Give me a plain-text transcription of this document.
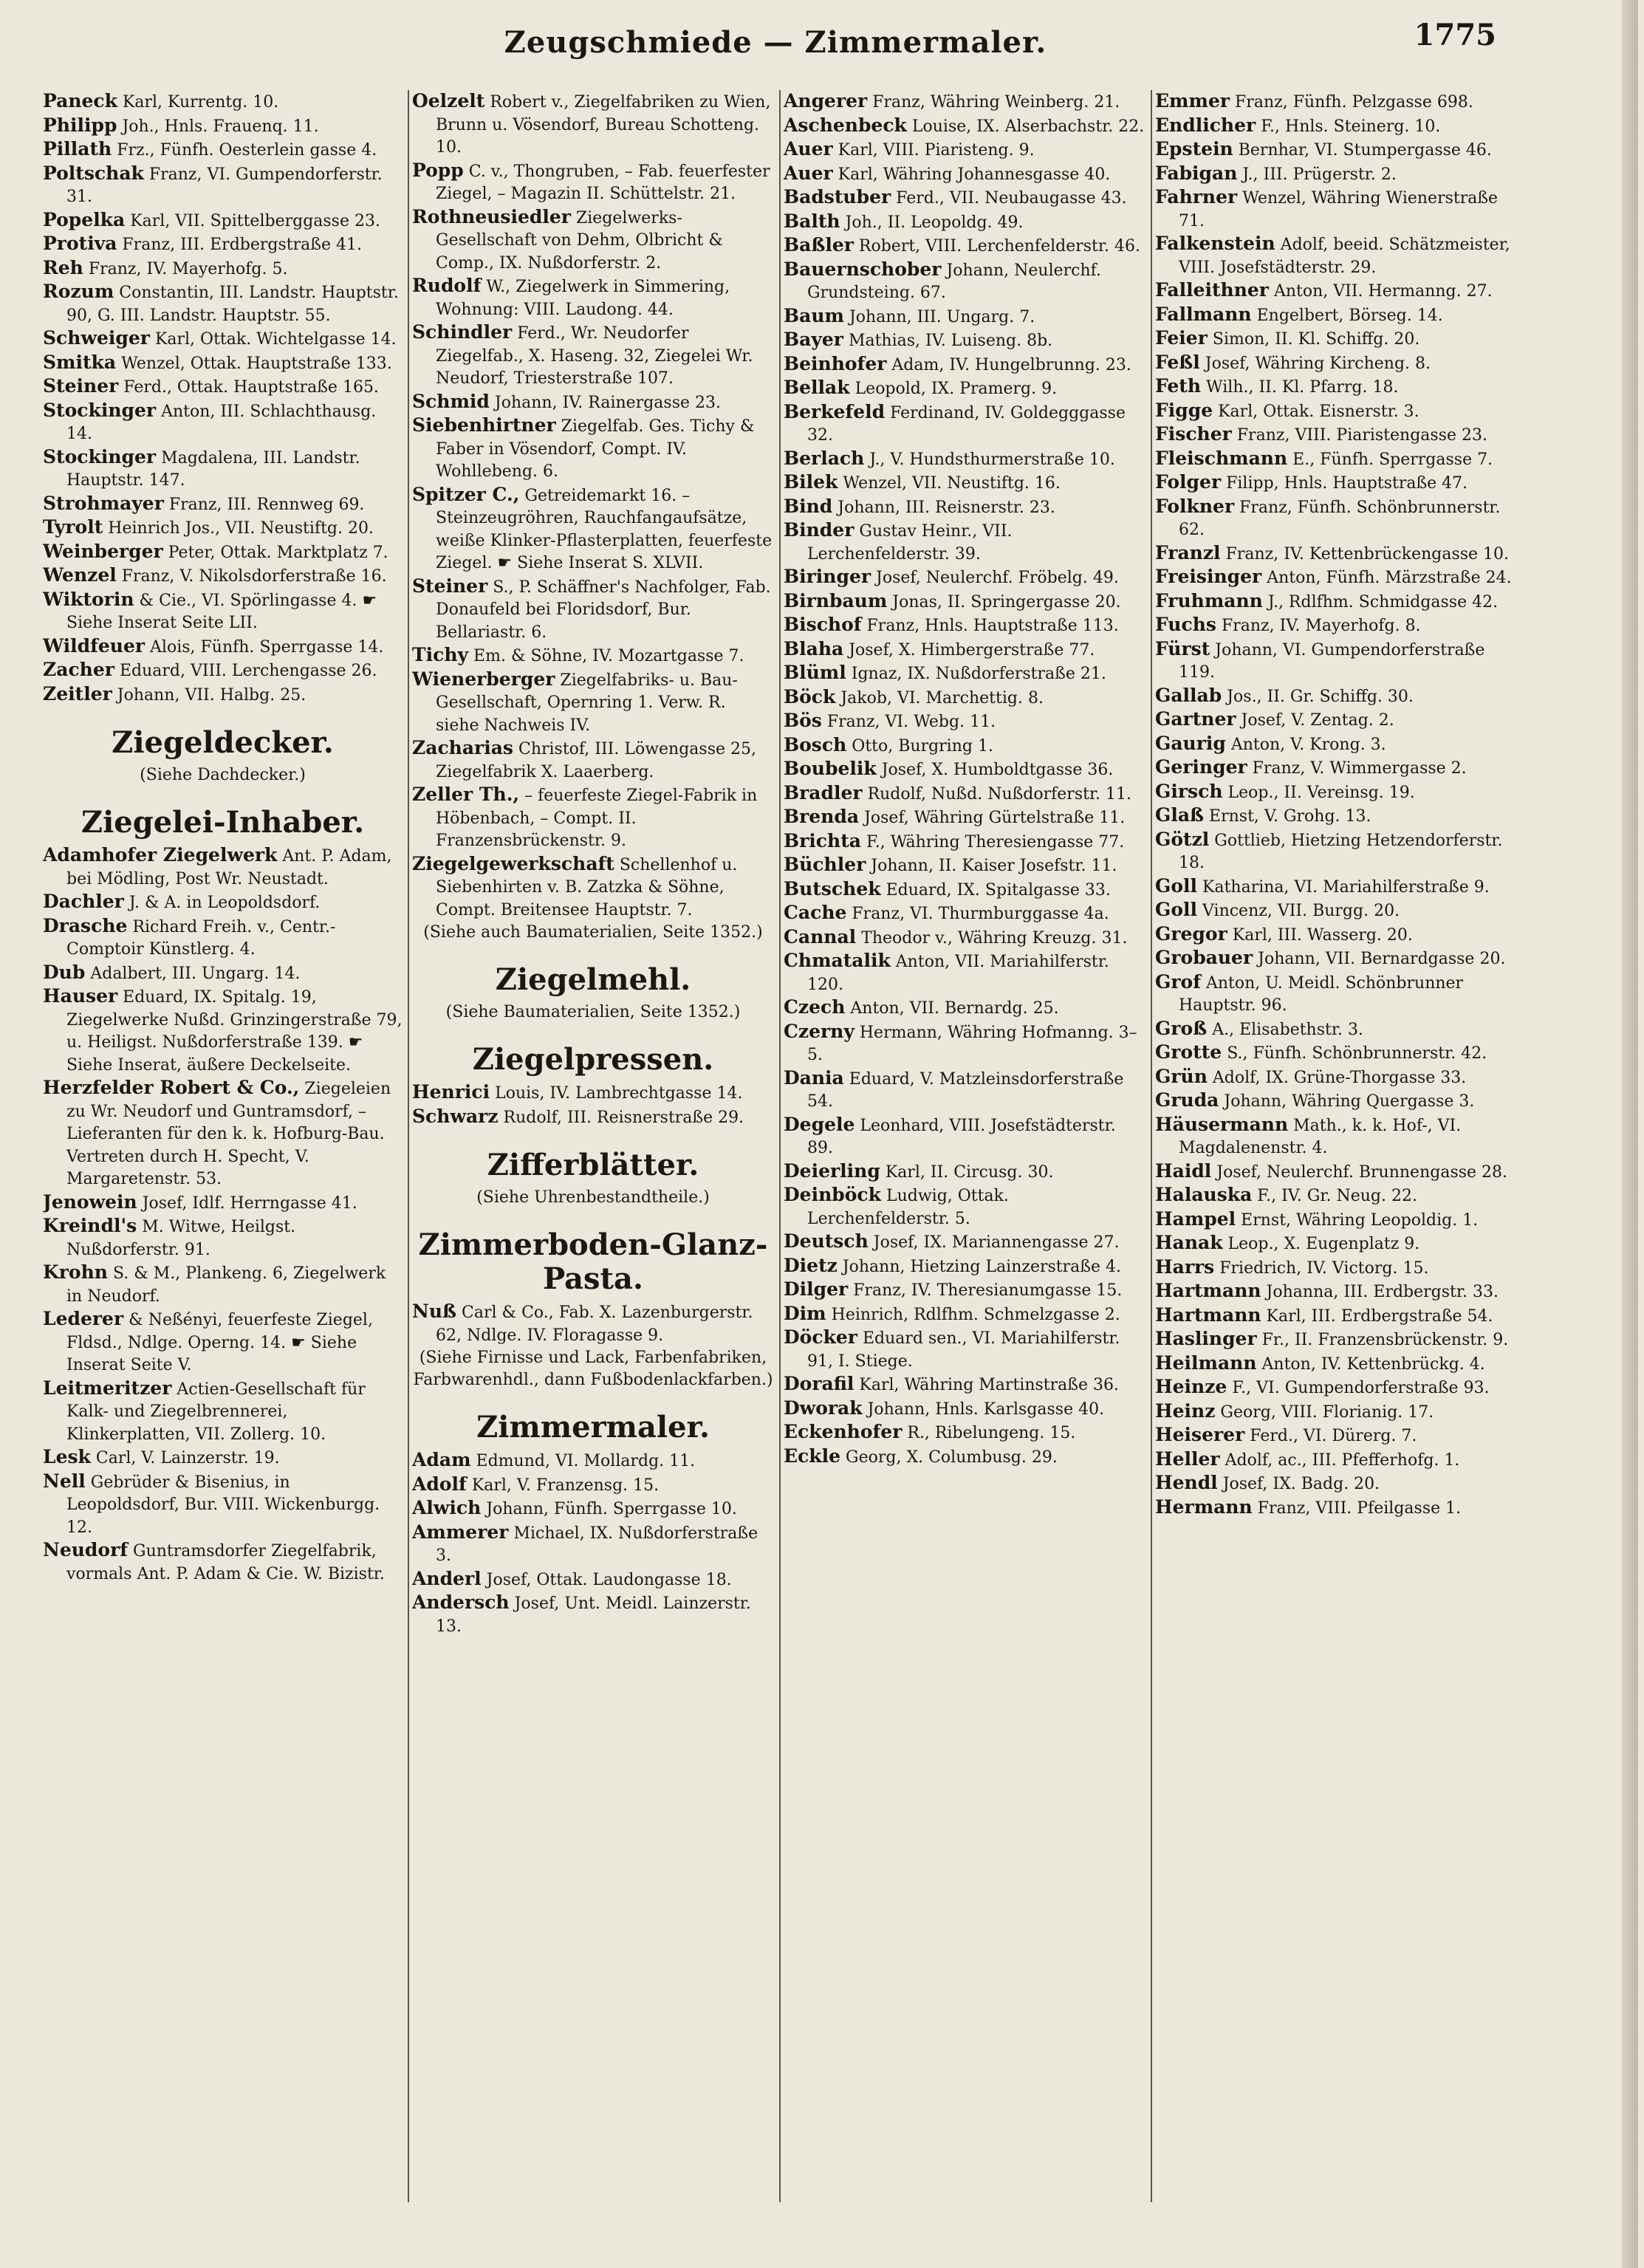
Zeugschmiede — Zimmermaler.	1775
Paneck Karl, Kurrentg. 10.
Philipp Joh., Hnls. Frauenq. 11.
Pillath Frz., Fünfh. Oesterlein gasse 4.
Poltschak Franz, VI. Gumpendorferstr. 31.
Popelka Karl, VII. Spittelberggasse 23.
Protiva Franz, III. Erdbergstraße 41.
Reh Franz, IV. Mayerhofg. 5.
Rozum Constantin, III. Landstr. Hauptstr. 90, G. III. Landstr. Hauptstr. 55.
Schweiger Karl, Ottak. Wichtelgasse 14.
Smitka Wenzel, Ottak. Hauptstraße 133.
Steiner Ferd., Ottak. Hauptstraße 165.
Stockinger Anton, III. Schlachthausg. 14.
Stockinger Magdalena, III. Landstr. Hauptstr. 147.
Strohmayer Franz, III. Rennweg 69.
Tyrolt Heinrich Jos., VII. Neustiftg. 20.
Weinberger Peter, Ottak. Marktplatz 7.
Wenzel Franz, V. Nikolsdorferstraße 16.
Wiktorin & Cie., VI. Spörlingasse 4. ☛ Siehe Inserat Seite LII.
Wildfeuer Alois, Fünfh. Sperrgasse 14.
Zacher Eduard, VIII. Lerchengasse 26.
Zeitler Johann, VII. Halbg. 25.
Ziegeldecker.
(Siehe Dachdecker.)
Ziegelei-Inhaber.
Adamhofer Ziegelwerk Ant. P. Adam, bei Mödling, Post Wr. Neustadt.
Dachler J. & A. in Leopoldsdorf.
Drasche Richard Freih. v., Centr.-Comptoir Künstlerg. 4.
Dub Adalbert, III. Ungarg. 14.
Hauser Eduard, IX. Spitalg. 19, Ziegelwerke Nußd. Grinzingerstraße 79, u. Heiligst. Nußdorferstraße 139. ☛ Siehe Inserat, äußere Deckelseite.
Herzfelder Robert & Co., Ziegeleien zu Wr. Neudorf und Guntramsdorf, – Lieferanten für den k. k. Hofburg-Bau. Vertreten durch H. Specht, V. Margaretenstr. 53.
Jenowein Josef, Idlf. Herrngasse 41.
Kreindl's M. Witwe, Heilgst. Nußdorferstr. 91.
Krohn S. & M., Plankeng. 6, Ziegelwerk in Neudorf.
Lederer & Neßényi, feuerfeste Ziegel, Fldsd., Ndlge. Operng. 14. ☛ Siehe Inserat Seite V.
Leitmeritzer Actien-Gesellschaft für Kalk- und Ziegelbrennerei, Klinkerplatten, VII. Zollerg. 10.
Lesk Carl, V. Lainzerstr. 19.
Nell Gebrüder & Bisenius, in Leopoldsdorf, Bur. VIII. Wickenburgg. 12.
Neudorf Guntramsdorfer Ziegelfabrik, vormals Ant. P. Adam & Cie. W. Bizistr.
Oelzelt Robert v., Ziegelfabriken zu Wien, Brunn u. Vösendorf, Bureau Schotteng. 10.
Popp C. v., Thongruben, – Fab. feuerfester Ziegel, – Magazin II. Schüttelstr. 21.
Rothneusiedler Ziegelwerks-Gesellschaft von Dehm, Olbricht & Comp., IX. Nußdorferstr. 2.
Rudolf W., Ziegelwerk in Simmering, Wohnung: VIII. Laudong. 44.
Schindler Ferd., Wr. Neudorfer Ziegelfab., X. Haseng. 32, Ziegelei Wr. Neudorf, Triesterstraße 107.
Schmid Johann, IV. Rainergasse 23.
Siebenhirtner Ziegelfab. Ges. Tichy & Faber in Vösendorf, Compt. IV. Wohllebeng. 6.
Spitzer C., Getreidemarkt 16. – Steinzeugröhren, Rauchfangaufsätze, weiße Klinker-Pflasterplatten, feuerfeste Ziegel. ☛ Siehe Inserat S. XLVII.
Steiner S., P. Schäffner's Nachfolger, Fab. Donaufeld bei Floridsdorf, Bur. Bellariastr. 6.
Tichy Em. & Söhne, IV. Mozartgasse 7.
Wienerberger Ziegelfabriks- u. Bau-Gesellschaft, Opernring 1. Verw. R. siehe Nachweis IV.
Zacharias Christof, III. Löwengasse 25, Ziegelfabrik X. Laaerberg.
Zeller Th., – feuerfeste Ziegel-Fabrik in Höbenbach, – Compt. II. Franzensbrückenstr. 9.
Ziegelgewerkschaft Schellenhof u. Siebenhirten v. B. Zatzka & Söhne, Compt. Breitensee Hauptstr. 7.
(Siehe auch Baumaterialien, Seite 1352.)
Ziegelmehl.
(Siehe Baumaterialien, Seite 1352.)
Ziegelpressen.
Henrici Louis, IV. Lambrechtgasse 14.
Schwarz Rudolf, III. Reisnerstraße 29.
Zifferblätter.
(Siehe Uhrenbestandtheile.)
Zimmerboden-Glanz-Pasta.
Nuß Carl & Co., Fab. X. Lazenburgerstr. 62, Ndlge. IV. Floragasse 9.
(Siehe Firnisse und Lack, Farbenfabriken, Farbwarenhdl., dann Fußbodenlackfarben.)
Zimmermaler.
Adam Edmund, VI. Mollardg. 11.
Adolf Karl, V. Franzensg. 15.
Alwich Johann, Fünfh. Sperrgasse 10.
Ammerer Michael, IX. Nußdorferstraße 3.
Anderl Josef, Ottak. Laudongasse 18.
Andersch Josef, Unt. Meidl. Lainzerstr. 13.
Angerer Franz, Währing Weinberg. 21.
Aschenbeck Louise, IX. Alserbachstr. 22.
Auer Karl, VIII. Piaristeng. 9.
Auer Karl, Währing Johannesgasse 40.
Badstuber Ferd., VII. Neubaugasse 43.
Balth Joh., II. Leopoldg. 49.
Baßler Robert, VIII. Lerchenfelderstr. 46.
Bauernschober Johann, Neulerchf. Grundsteing. 67.
Baum Johann, III. Ungarg. 7.
Bayer Mathias, IV. Luiseng. 8b.
Beinhofer Adam, IV. Hungelbrunng. 23.
Bellak Leopold, IX. Pramerg. 9.
Berkefeld Ferdinand, IV. Goldegggasse 32.
Berlach J., V. Hundsthurmerstraße 10.
Bilek Wenzel, VII. Neustiftg. 16.
Bind Johann, III. Reisnerstr. 23.
Binder Gustav Heinr., VII. Lerchenfelderstr. 39.
Biringer Josef, Neulerchf. Fröbelg. 49.
Birnbaum Jonas, II. Springergasse 20.
Bischof Franz, Hnls. Hauptstraße 113.
Blaha Josef, X. Himbergerstraße 77.
Blüml Ignaz, IX. Nußdorferstraße 21.
Böck Jakob, VI. Marchettig. 8.
Bös Franz, VI. Webg. 11.
Bosch Otto, Burgring 1.
Boubelik Josef, X. Humboldtgasse 36.
Bradler Rudolf, Nußd. Nußdorferstr. 11.
Brenda Josef, Währing Gürtelstraße 11.
Brichta F., Währing Theresiengasse 77.
Büchler Johann, II. Kaiser Josefstr. 11.
Butschek Eduard, IX. Spitalgasse 33.
Cache Franz, VI. Thurmburggasse 4a.
Cannal Theodor v., Währing Kreuzg. 31.
Chmatalik Anton, VII. Mariahilferstr. 120.
Czech Anton, VII. Bernardg. 25.
Czerny Hermann, Währing Hofmanng. 3–5.
Dania Eduard, V. Matzleinsdorferstraße 54.
Degele Leonhard, VIII. Josefstädterstr. 89.
Deierling Karl, II. Circusg. 30.
Deinböck Ludwig, Ottak. Lerchenfelderstr. 5.
Deutsch Josef, IX. Mariannengasse 27.
Dietz Johann, Hietzing Lainzerstraße 4.
Dilger Franz, IV. Theresianumgasse 15.
Dim Heinrich, Rdlfhm. Schmelzgasse 2.
Döcker Eduard sen., VI. Mariahilferstr. 91, I. Stiege.
Dorafil Karl, Währing Martinstraße 36.
Dworak Johann, Hnls. Karlsgasse 40.
Eckenhofer R., Ribelungeng. 15.
Eckle Georg, X. Columbusg. 29.
Emmer Franz, Fünfh. Pelzgasse 698.
Endlicher F., Hnls. Steinerg. 10.
Epstein Bernhar, VI. Stumpergasse 46.
Fabigan J., III. Prügerstr. 2.
Fahrner Wenzel, Währing Wienerstraße 71.
Falkenstein Adolf, beeid. Schätzmeister, VIII. Josefstädterstr. 29.
Falleithner Anton, VII. Hermanng. 27.
Fallmann Engelbert, Börseg. 14.
Feier Simon, II. Kl. Schiffg. 20.
Feßl Josef, Währing Kircheng. 8.
Feth Wilh., II. Kl. Pfarrg. 18.
Figge Karl, Ottak. Eisnerstr. 3.
Fischer Franz, VIII. Piaristengasse 23.
Fleischmann E., Fünfh. Sperrgasse 7.
Folger Filipp, Hnls. Hauptstraße 47.
Folkner Franz, Fünfh. Schönbrunnerstr. 62.
Franzl Franz, IV. Kettenbrückengasse 10.
Freisinger Anton, Fünfh. Märzstraße 24.
Fruhmann J., Rdlfhm. Schmidgasse 42.
Fuchs Franz, IV. Mayerhofg. 8.
Fürst Johann, VI. Gumpendorferstraße 119.
Gallab Jos., II. Gr. Schiffg. 30.
Gartner Josef, V. Zentag. 2.
Gaurig Anton, V. Krong. 3.
Geringer Franz, V. Wimmergasse 2.
Girsch Leop., II. Vereinsg. 19.
Glaß Ernst, V. Grohg. 13.
Götzl Gottlieb, Hietzing Hetzendorferstr. 18.
Goll Katharina, VI. Mariahilferstraße 9.
Goll Vincenz, VII. Burgg. 20.
Gregor Karl, III. Wasserg. 20.
Grobauer Johann, VII. Bernardgasse 20.
Grof Anton, U. Meidl. Schönbrunner Hauptstr. 96.
Groß A., Elisabethstr. 3.
Grotte S., Fünfh. Schönbrunnerstr. 42.
Grün Adolf, IX. Grüne-Thorgasse 33.
Gruda Johann, Währing Quergasse 3.
Häusermann Math., k. k. Hof-, VI. Magdalenenstr. 4.
Haidl Josef, Neulerchf. Brunnengasse 28.
Halauska F., IV. Gr. Neug. 22.
Hampel Ernst, Währing Leopoldig. 1.
Hanak Leop., X. Eugenplatz 9.
Harrs Friedrich, IV. Victorg. 15.
Hartmann Johanna, III. Erdbergstr. 33.
Hartmann Karl, III. Erdbergstraße 54.
Haslinger Fr., II. Franzensbrückenstr. 9.
Heilmann Anton, IV. Kettenbrückg. 4.
Heinze F., VI. Gumpendorferstraße 93.
Heinz Georg, VIII. Florianig. 17.
Heiserer Ferd., VI. Dürerg. 7.
Heller Adolf, ac., III. Pfefferhofg. 1.
Hendl Josef, IX. Badg. 20.
Hermann Franz, VIII. Pfeilgasse 1.
